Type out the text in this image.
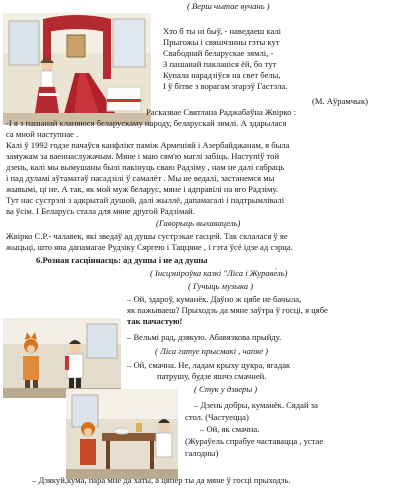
( Верш чытае вучань )
Хто б ты ні быў, - наведаеш калі
Прыгожы і свяшчэнны гэты кут
Свабоднай беларускае зямлі, -
З пашанай пакланіся ёй, бо тут
Купала нарадзіўся на свет белы,
І ў бітве з ворагам згарэў Гастэла.
(М. Аўрамчык)
Расказвае Святлана Раджабаўна Жвірко :
-І я з пашанай кланяюся беларускаму народу, беларускай зямлі. А здарылася
са мной наступнае .
Калі ў 1992 годзе пачаўся канфлікт паміж Арменіяй і Азербайджанам, я была
замужам за ваеннаслужачым. Мяне і маю сям'ю маглі забіць. Наступіў той
дзень, калі мы вымушаны былі пакінуць сваю Радзіму , нам не далі сабраць
і пад дуламі аўтаматаў пасадзілі ў самалёт . Мы не ведалі, застанемся мы
жывымі, ці не. А так, як мой муж беларус, мяне і адправілі на яго Радзіму.
Тут нас сустрэлі з адкрытай душой, далі жыллё, дапамагалі і падтрымлівалі
ва ўсім. І Беларусь стала для мяне другой Радзімай.
(Гаворыць выхавацель)
Жвірко С.Р.- чалавек, які зведаў ад душы сустрэкае гасцей. Так склалася ў яе
жыцьці, што яна дапамагае Рудзіку Сяргею і Таццяне , і гэта ўсё ідзе ад сэрца.
6.Розная гасціннасць: ад душы і не ад душы
( Інсцэніроўка казкі "Ліса і Жураве́ль)
( Гучыць музыка )
– Ой, здароў, куманёк. Даўно ж цябе не бачыла,
як пажываеш? Прыходзь да мяне заўтра ў госці, я цябе
так пачастую!
– Вельмі рад, дзякую. Абавязкова прыйду.
( Ліса гатуе прысмакі , чапяе )
– Ой, смачна. Не, ладам крыху цукра, ягадак
патрушу, будзе яшчэ смачней.
( Стук у дзверы )
– Дзень добры, куманёк. Сядай за
стол. (Частуецца)
– Ой, як смачна.
(Жураўель спрабуе частавацца , устае
галодны)
– Дзякуй,кума, пара мне да хаты, а цяпер ты да мяне ў госці прыходзь.
